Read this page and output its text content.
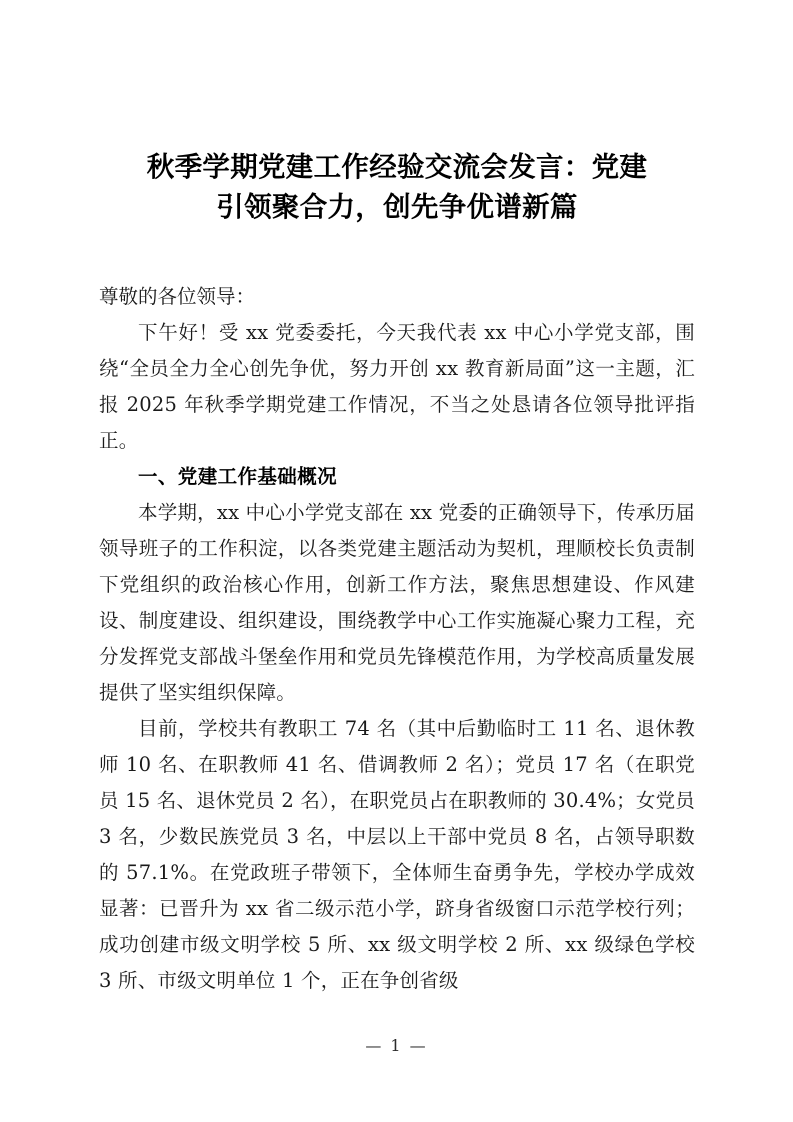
秋季学期党建工作经验交流会发言：党建
引领聚合力，创先争优谱新篇

尊敬的各位领导：

下午好！受 xx 党委委托，今天我代表 xx 中心小学党支部，围绕“全员全力全心创先争优，努力开创 xx 教育新局面”这一主题，汇报 2025 年秋季学期党建工作情况，不当之处恳请各位领导批评指正。

一、党建工作基础概况

本学期，xx 中心小学党支部在 xx 党委的正确领导下，传承历届领导班子的工作积淀，以各类党建主题活动为契机，理顺校长负责制下党组织的政治核心作用，创新工作方法，聚焦思想建设、作风建设、制度建设、组织建设，围绕教学中心工作实施凝心聚力工程，充分发挥党支部战斗堡垒作用和党员先锋模范作用，为学校高质量发展提供了坚实组织保障。

目前，学校共有教职工 74 名（其中后勤临时工 11 名、退休教师 10 名、在职教师 41 名、借调教师 2 名）；党员 17 名（在职党员 15 名、退休党员 2 名），在职党员占在职教师的 30.4%；女党员 3 名，少数民族党员 3 名，中层以上干部中党员 8 名，占领导职数的 57.1%。在党政班子带领下，全体师生奋勇争先，学校办学成效显著：已晋升为 xx 省二级示范小学，跻身省级窗口示范学校行列；成功创建市级文明学校 5 所、xx 级文明学校 2 所、xx 级绿色学校 3 所、市级文明单位 1 个，正在争创省级

— 1 —
